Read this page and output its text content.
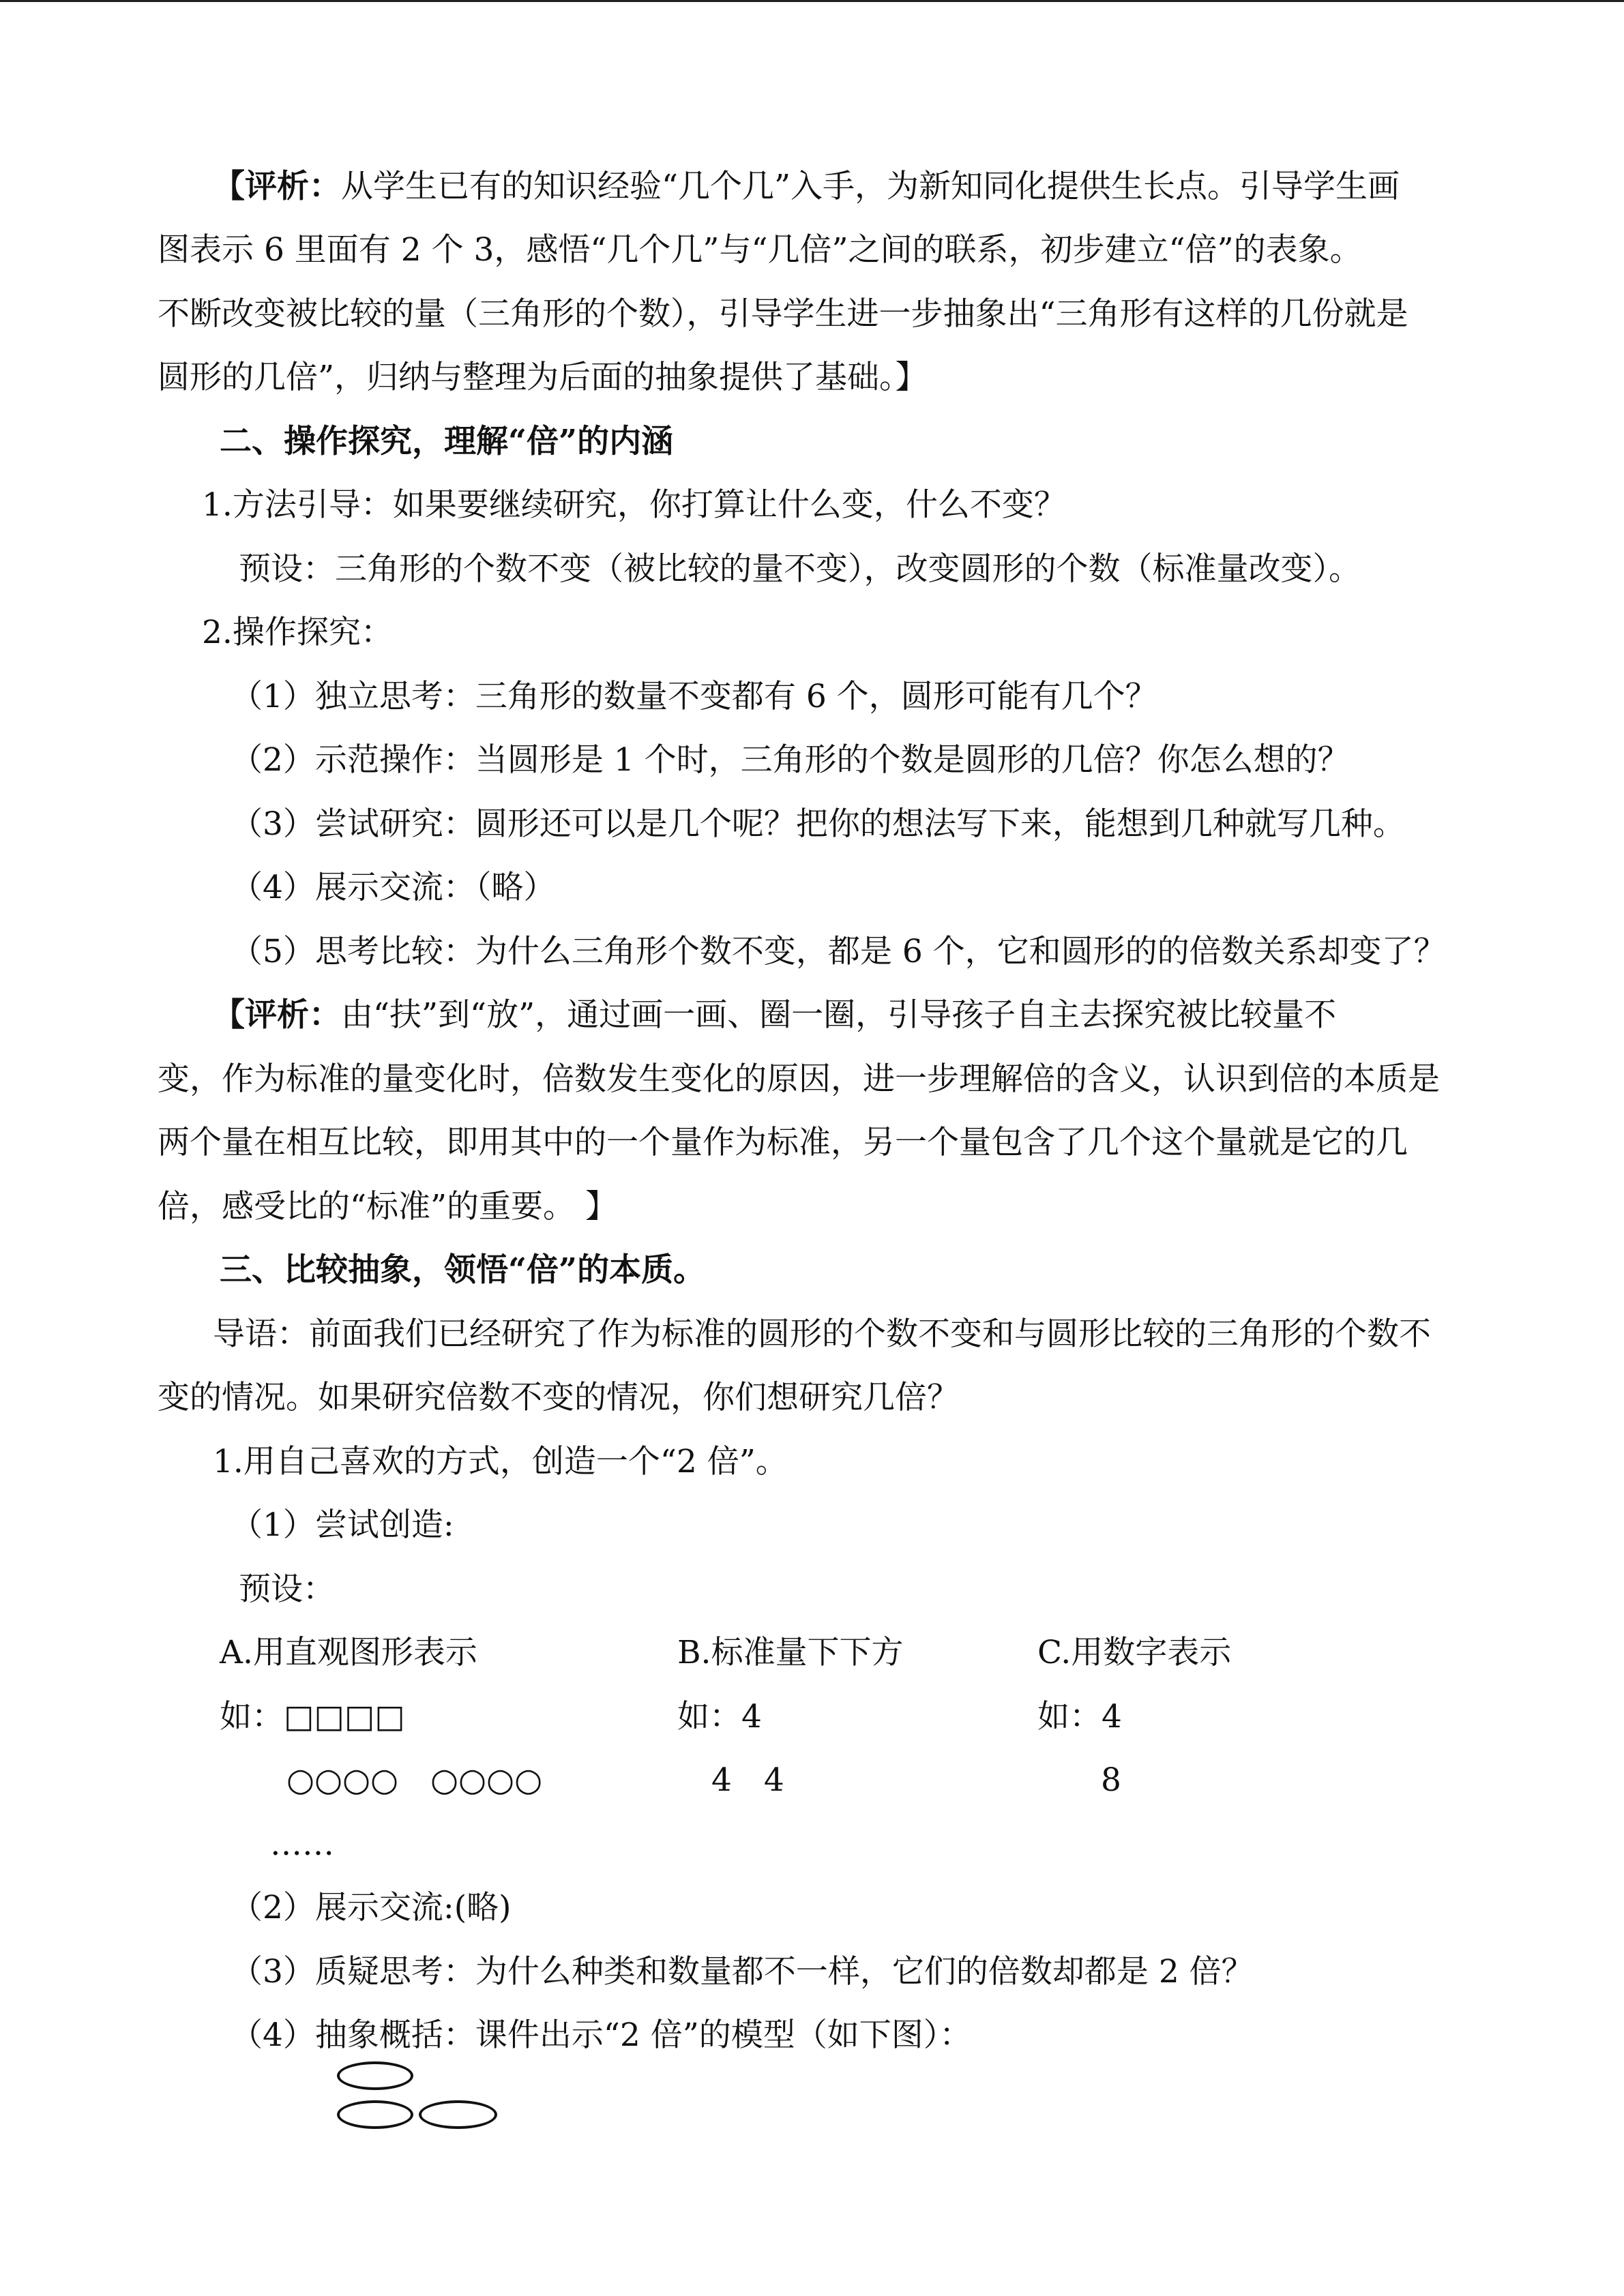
【评析：从学生已有的知识经验“几个几”入手，为新知同化提供生长点。引导学生画
图表示 6 里面有 2 个 3，感悟“几个几”与“几倍”之间的联系，初步建立“倍”的表象。
不断改变被比较的量（三角形的个数），引导学生进一步抽象出“三角形有这样的几份就是
圆形的几倍”，归纳与整理为后面的抽象提供了基础。】
二、操作探究，理解“倍”的内涵
1.方法引导：如果要继续研究，你打算让什么变，什么不变？
预设：三角形的个数不变（被比较的量不变），改变圆形的个数（标准量改变）。
2.操作探究：
（1）独立思考：三角形的数量不变都有 6 个，圆形可能有几个？
（2）示范操作：当圆形是 1 个时，三角形的个数是圆形的几倍？你怎么想的？
（3）尝试研究：圆形还可以是几个呢？把你的想法写下来，能想到几种就写几种。
（4）展示交流：（略）
（5）思考比较：为什么三角形个数不变，都是 6 个，它和圆形的的倍数关系却变了？
【评析：由“扶”到“放”，通过画一画、圈一圈，引导孩子自主去探究被比较量不
变，作为标准的量变化时，倍数发生变化的原因，进一步理解倍的含义，认识到倍的本质是
两个量在相互比较，即用其中的一个量作为标准，另一个量包含了几个这个量就是它的几
倍，感受比的“标准”的重要。 】
三、比较抽象，领悟“倍”的本质。
导语：前面我们已经研究了作为标准的圆形的个数不变和与圆形比较的三角形的个数不
变的情况。如果研究倍数不变的情况，你们想研究几倍？
1.用自己喜欢的方式，创造一个“2 倍”。
（1）尝试创造:
预设：
A.用直观图形表示	B.标准量下下方	C.用数字表示
如：□□□□	如：4	如：4
○○○○　○○○○	4　4	8
……
（2）展示交流:(略)
（3）质疑思考：为什么种类和数量都不一样，它们的倍数却都是 2 倍？
（4）抽象概括：课件出示“2 倍”的模型（如下图）：
